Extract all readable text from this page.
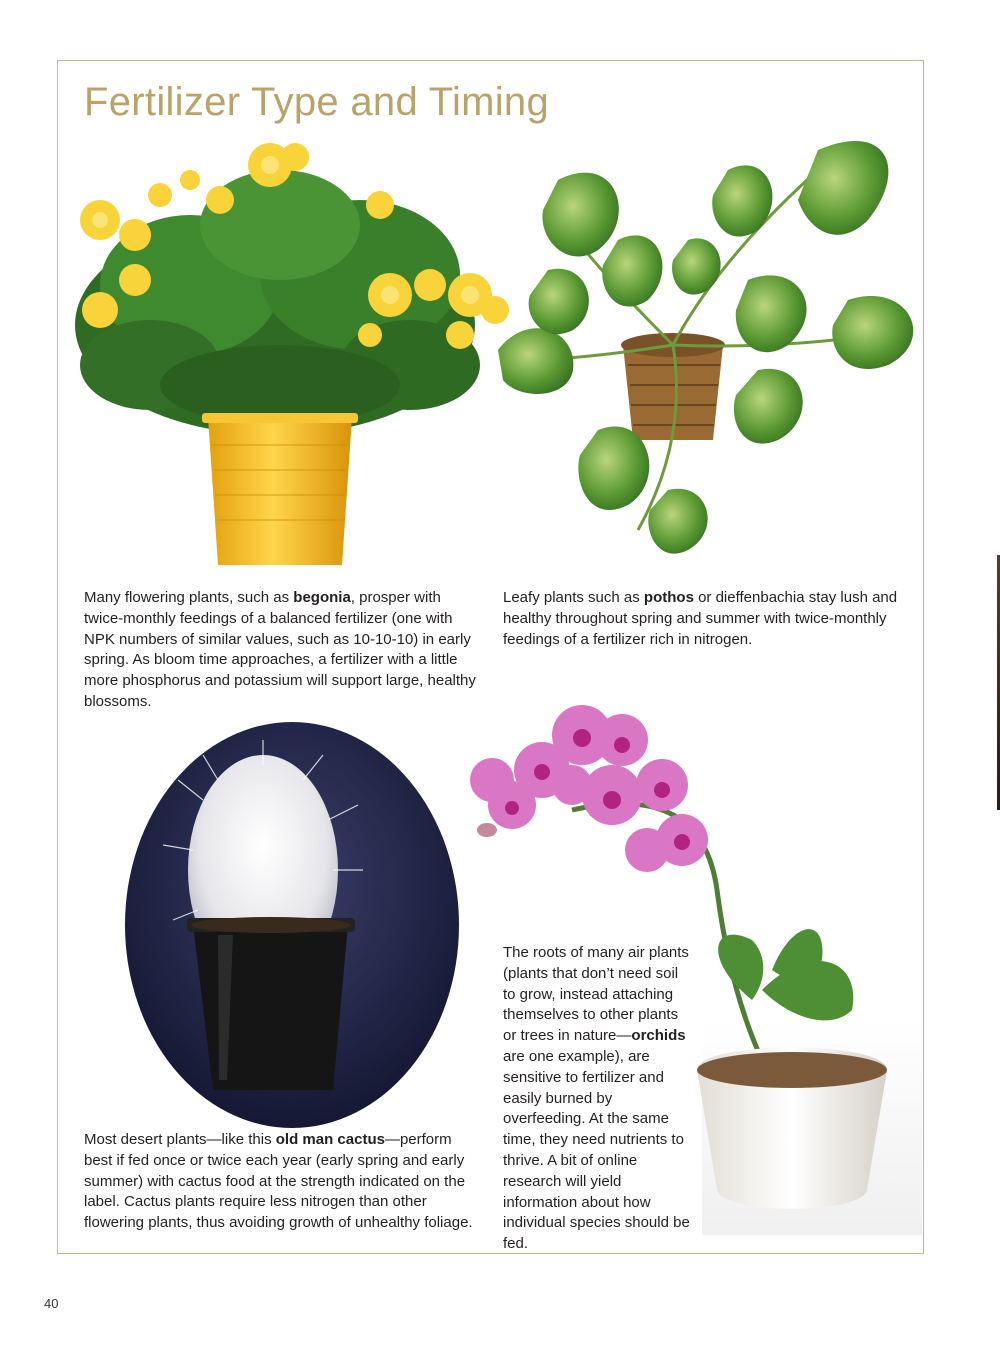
Fertilizer Type and Timing

Many flowering plants, such as begonia, prosper with twice-monthly feedings of a balanced fertilizer (one with NPK numbers of similar values, such as 10-10-10) in early spring. As bloom time approaches, a fertilizer with a little more phosphorus and potassium will support large, healthy blossoms.

Leafy plants such as pothos or dieffenbachia stay lush and healthy throughout spring and summer with twice-monthly feedings of a fertilizer rich in nitrogen.

Most desert plants—like this old man cactus—perform best if fed once or twice each year (early spring and early summer) with cactus food at the strength indicated on the label. Cactus plants require less nitrogen than other flowering plants, thus avoiding growth of unhealthy foliage.

The roots of many air plants (plants that don’t need soil to grow, instead attaching themselves to other plants or trees in nature—orchids are one example), are sensitive to fertilizer and easily burned by overfeeding. At the same time, they need nutrients to thrive. A bit of online research will yield information about how individual species should be fed.

40
